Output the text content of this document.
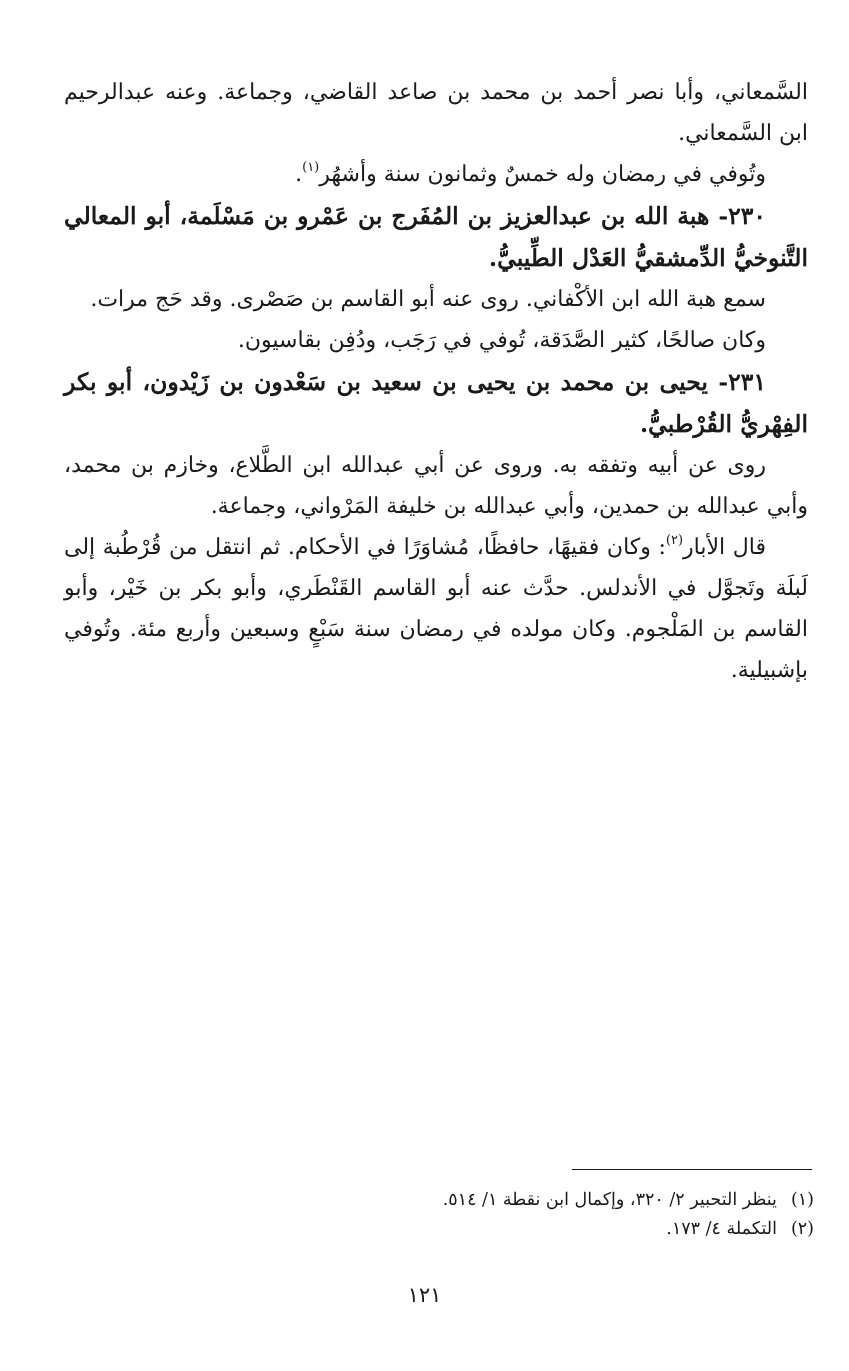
السَّمعاني، وأبا نصر أحمد بن محمد بن صاعد القاضي، وجماعة. وعنه عبدالرحيم ابن السَّمعاني.

وتُوفي في رمضان وله خمسٌ وثمانون سنة وأشهُر$^{(١)}$.

٢٣٠- هبة الله بن عبدالعزيز بن المُفَرج بن عَمْرو بن مَسْلَمة، أبو المعالي التَّنوخيُّ الدِّمشقيُّ العَدْل الطِّيبيُّ.

سمع هبة الله ابن الأكْفاني. روى عنه أبو القاسم بن صَصْرى. وقد حَج مرات.

وكان صالحًا، كثير الصَّدَقة، تُوفي في رَجَب، ودُفِن بقاسيون.

٢٣١- يحيى بن محمد بن يحيى بن سعيد بن سَعْدون بن زَيْدون، أبو بكر الفِهْريُّ القُرْطبيُّ.

روى عن أبيه وتفقه به. وروى عن أبي عبدالله ابن الطَّلاع، وخازم بن محمد، وأبي عبدالله بن حمدين، وأبي عبدالله بن خليفة المَرْواني، وجماعة.

قال الأبار$^{(٢)}$: وكان فقيهًا، حافظًا، مُشاوَرًا في الأحكام. ثم انتقل من قُرْطُبة إلى لَبلَة وتَجوَّل في الأندلس. حدَّث عنه أبو القاسم القَنْطَري، وأبو بكر بن خَيْر، وأبو القاسم بن المَلْجوم. وكان مولده في رمضان سنة سَبْعٍ وسبعين وأربع مئة. وتُوفي بإشبيلية.

(١)ينظر التحبير ٢/ ٣٢٠، وإكمال ابن نقطة ١/ ٥١٤.

(٢)التكملة ٤/ ١٧٣.

١٢١
